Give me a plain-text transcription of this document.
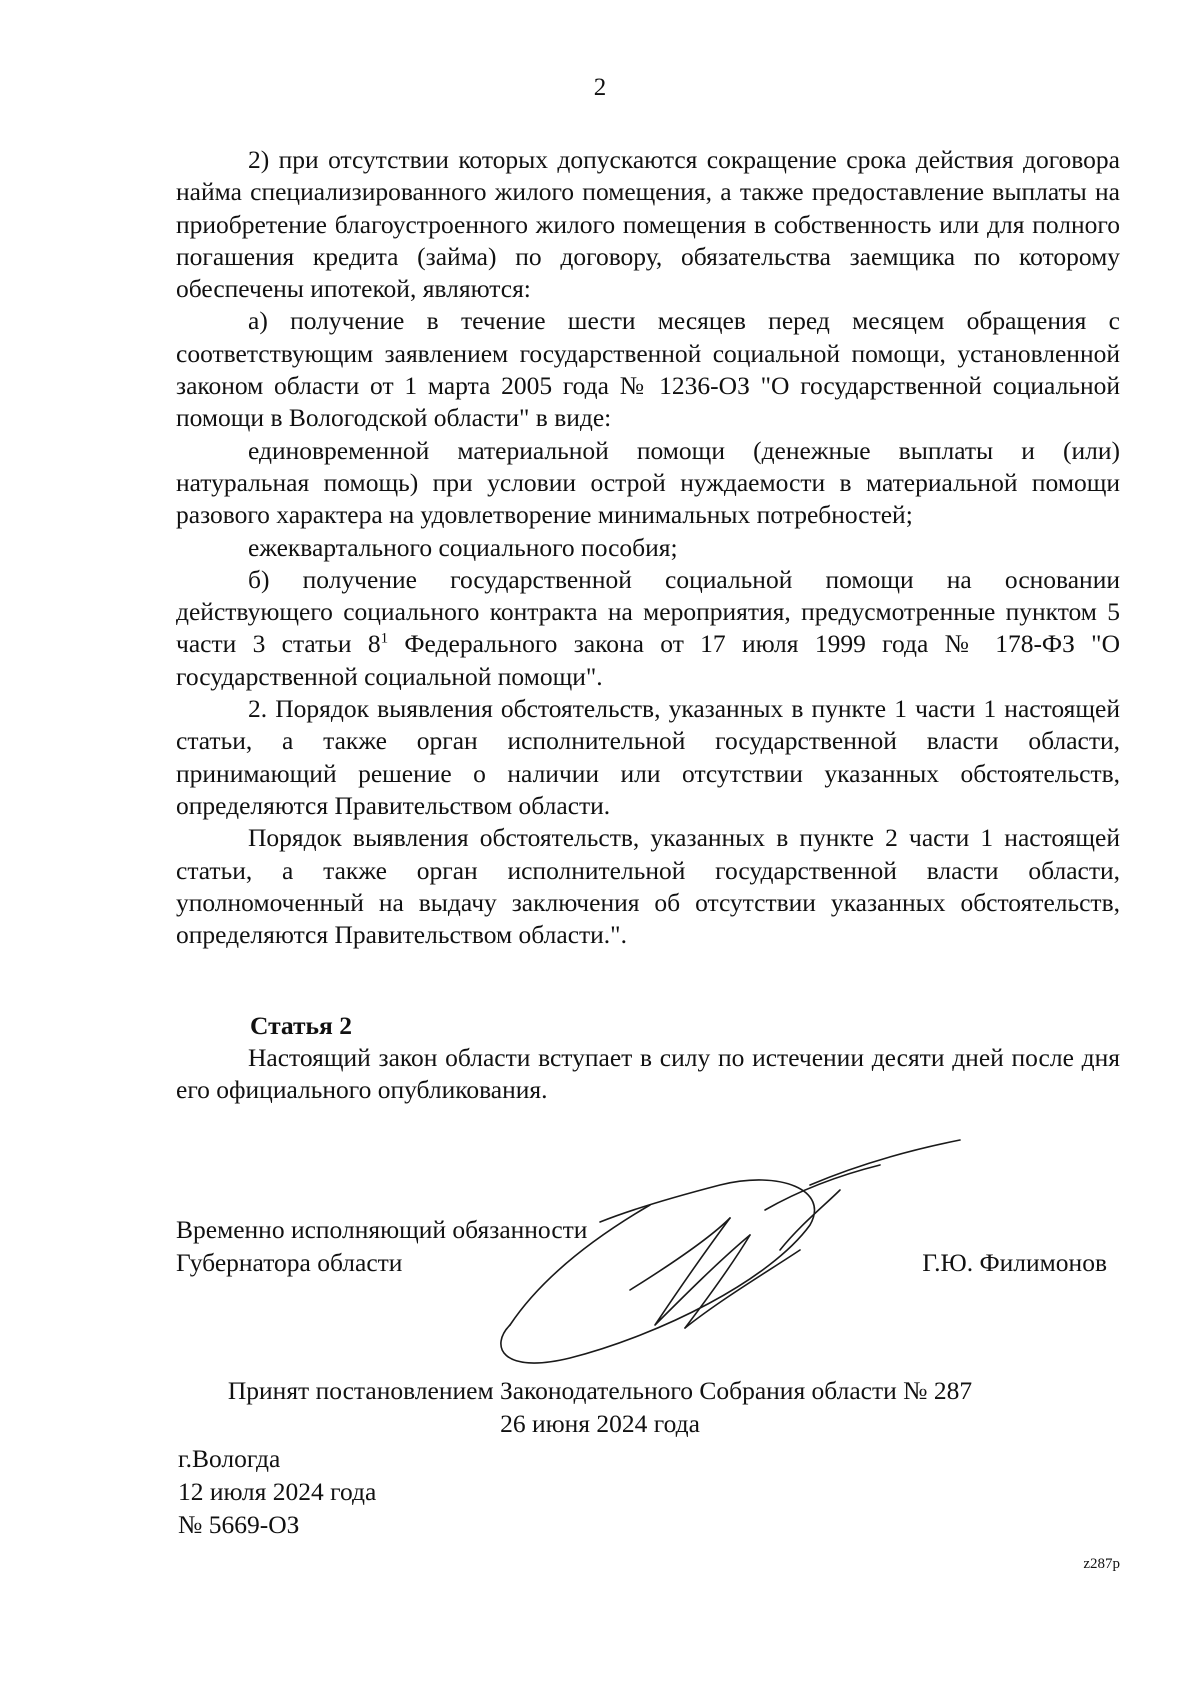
2

2) при отсутствии которых допускаются сокращение срока действия договора найма специализированного жилого помещения, а также предоставление выплаты на приобретение благоустроенного жилого помещения в собственность или для полного погашения кредита (займа) по договору, обязательства заемщика по которому обеспечены ипотекой, являются:

а) получение в течение шести месяцев перед месяцем обращения с соответствующим заявлением государственной социальной помощи, установленной законом области от 1 марта 2005 года № 1236-ОЗ "О государственной социальной помощи в Вологодской области" в виде:

единовременной материальной помощи (денежные выплаты и (или) натуральная помощь) при условии острой нуждаемости в материальной помощи разового характера на удовлетворение минимальных потребностей;

ежеквартального социального пособия;

б) получение государственной социальной помощи на основании действующего социального контракта на мероприятия, предусмотренные пунктом 5 части 3 статьи $8^1$ Федерального закона от 17 июля 1999 года № 178-ФЗ "О государственной социальной помощи".

2. Порядок выявления обстоятельств, указанных в пункте 1 части 1 настоящей статьи, а также орган исполнительной государственной власти области, принимающий решение о наличии или отсутствии указанных обстоятельств, определяются Правительством области.

Порядок выявления обстоятельств, указанных в пункте 2 части 1 настоящей статьи, а также орган исполнительной государственной власти области, уполномоченный на выдачу заключения об отсутствии указанных обстоятельств, определяются Правительством области.".

Статья 2

Настоящий закон области вступает в силу по истечении десяти дней после дня его официального опубликования.

Временно исполняющий обязанности
Губернатора области	Г.Ю. Филимонов
Принят постановлением Законодательного Собрания области № 287
26 июня 2024 года
г.Вологда
12 июля 2024 года
№ 5669-ОЗ
z287p
